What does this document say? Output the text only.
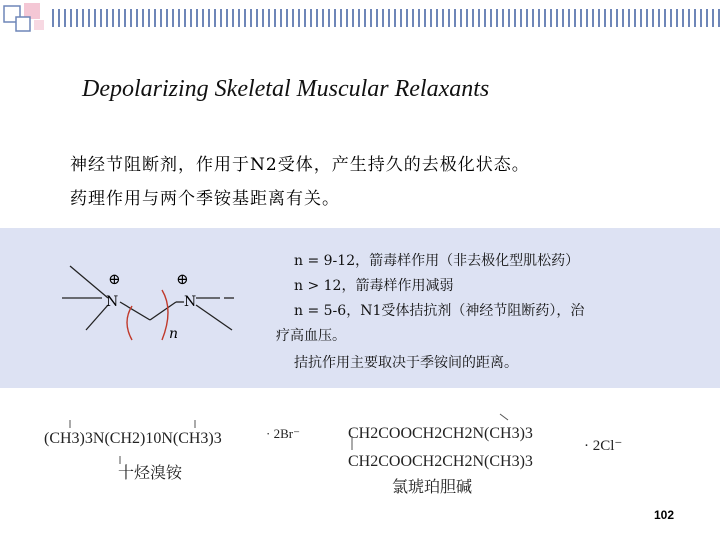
Depolarizing Skeletal Muscular Relaxants
神经节阻断剂，作用于N2受体，产生持久的去极化状态。
药理作用与两个季铵基距离有关。
N	N
⊕	⊕
n
n = 9-12，箭毒样作用（非去极化型肌松药）
n > 12，箭毒样作用减弱
n = 5-6，N1受体拮抗剂（神经节阻断药），治
疗高血压。
拮抗作用主要取决于季铵间的距离。
(CH3)3N(CH2)10N(CH3)3	· 2Br⁻
十烃溴铵
CH2COOCH2CH2N(CH3)3
CH2COOCH2CH2N(CH3)3
· 2Cl⁻
氯琥珀胆碱
102
